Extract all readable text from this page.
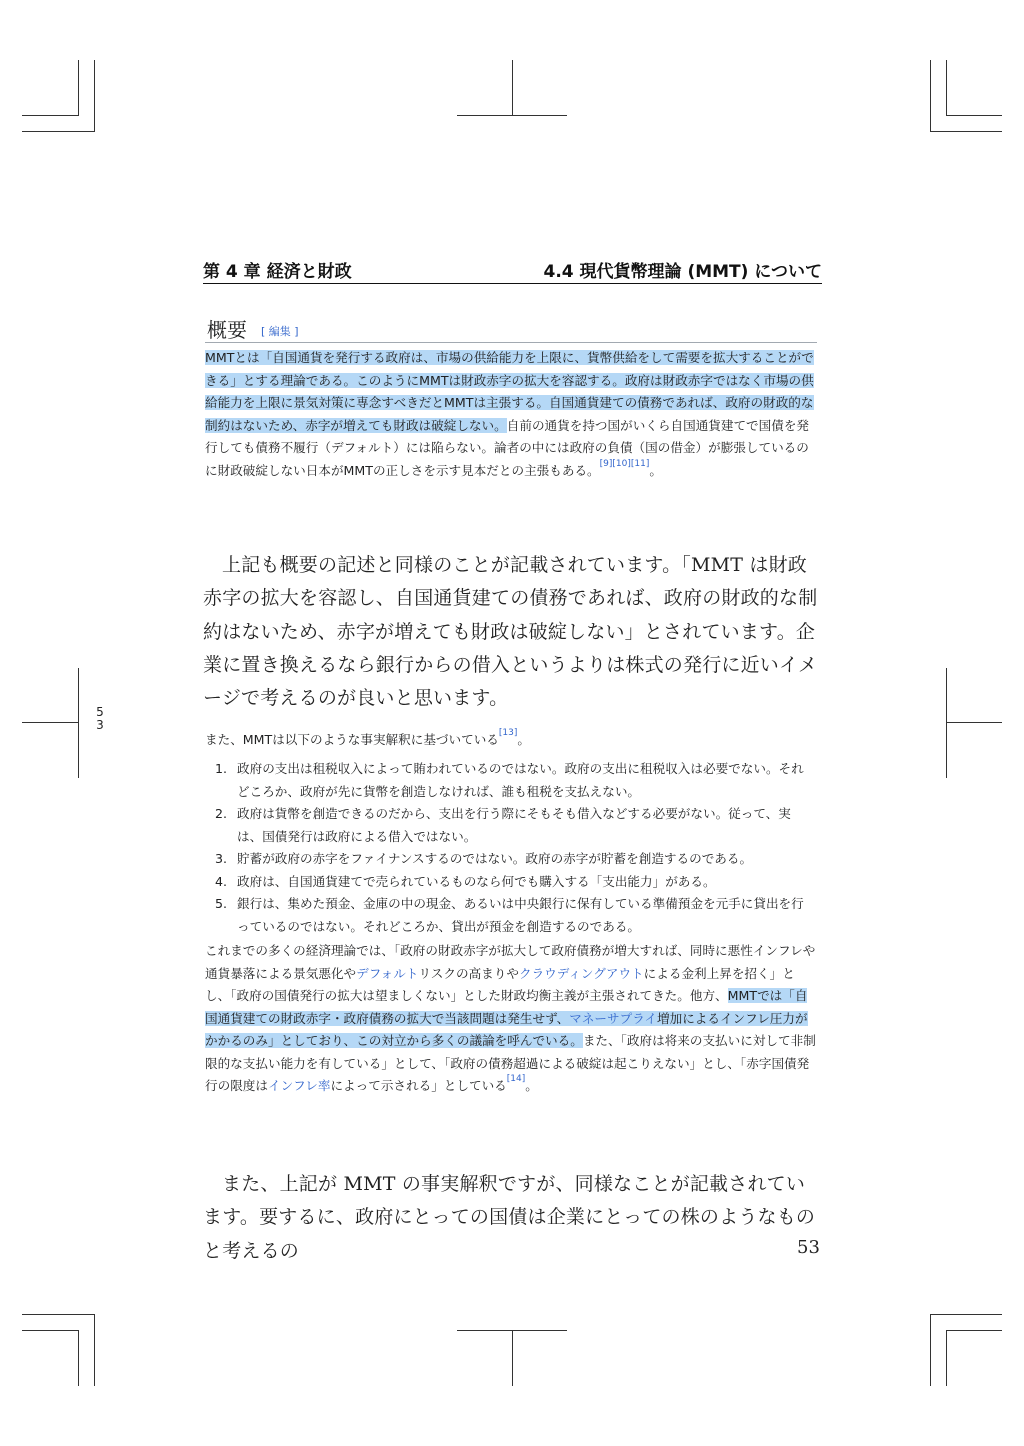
5
3
第 4 章 経済と財政	4.4 現代貨幣理論 (MMT) について
概要 [ 編集 ]
MMTとは「自国通貨を発行する政府は、市場の供給能力を上限に、貨幣供給をして需要を拡大することができる」とする理論である。このようにMMTは財政赤字の拡大を容認する。政府は財政赤字ではなく市場の供給能力を上限に景気対策に専念すべきだとMMTは主張する。自国通貨建ての債務であれば、政府の財政的な制約はないため、赤字が増えても財政は破綻しない。自前の通貨を持つ国がいくら自国通貨建てで国債を発行しても債務不履行（デフォルト）には陥らない。論者の中には政府の負債（国の借金）が膨張しているのに財政破綻しない日本がMMTの正しさを示す見本だとの主張もある。[9][10][11]。

上記も概要の記述と同様のことが記載されています。「MMT は財政赤字の拡大を容認し、自国通貨建ての債務であれば、政府の財政的な制約はないため、赤字が増えても財政は破綻しない」とされています。企業に置き換えるなら銀行からの借入というよりは株式の発行に近いイメージで考えるのが良いと思います。

また、MMTは以下のような事実解釈に基づいている[13]。
1. 政府の支出は租税収入によって賄われているのではない。政府の支出に租税収入は必要でない。それどころか、政府が先に貨幣を創造しなければ、誰も租税を支払えない。
2. 政府は貨幣を創造できるのだから、支出を行う際にそもそも借入などする必要がない。従って、実は、国債発行は政府による借入ではない。
3. 貯蓄が政府の赤字をファイナンスするのではない。政府の赤字が貯蓄を創造するのである。
4. 政府は、自国通貨建てで売られているものなら何でも購入する「支出能力」がある。
5. 銀行は、集めた預金、金庫の中の現金、あるいは中央銀行に保有している準備預金を元手に貸出を行っているのではない。それどころか、貸出が預金を創造するのである。
これまでの多くの経済理論では、「政府の財政赤字が拡大して政府債務が増大すれば、同時に悪性インフレや通貨暴落による景気悪化やデフォルトリスクの高まりやクラウディングアウトによる金利上昇を招く」とし、「政府の国債発行の拡大は望ましくない」とした財政均衡主義が主張されてきた。他方、MMTでは「自国通貨建ての財政赤字・政府債務の拡大で当該問題は発生せず、マネーサプライ増加によるインフレ圧力がかかるのみ」としており、この対立から多くの議論を呼んでいる。また、「政府は将来の支払いに対して非制限的な支払い能力を有している」として、「政府の債務超過による破綻は起こりえない」とし、「赤字国債発行の限度はインフレ率によって示される」としている[14]。

また、上記が MMT の事実解釈ですが、同様なことが記載されています。要するに、政府にとっての国債は企業にとっての株のようなものと考えるの	53
